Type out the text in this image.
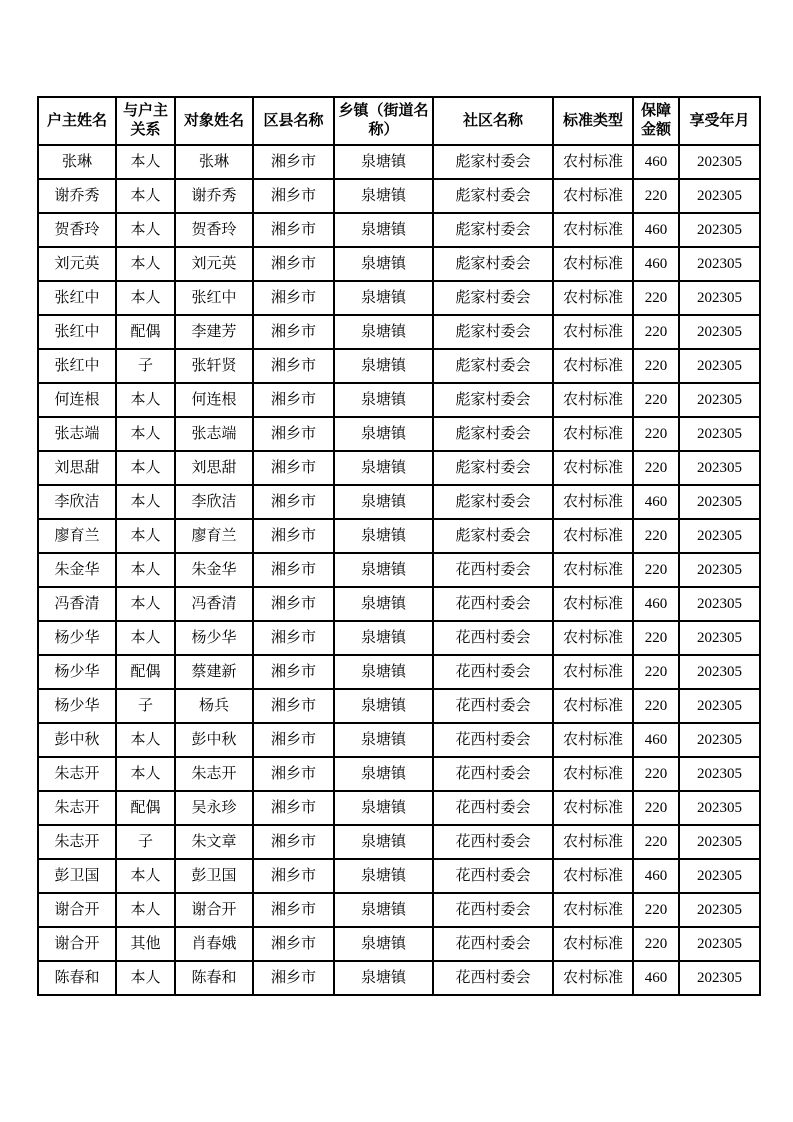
户主姓名	与户主关系	对象姓名	区县名称	乡镇（街道名称）	社区名称	标准类型	保障金额	享受年月
张琳	本人	张琳	湘乡市	泉塘镇	彪家村委会	农村标准	460	202305
谢乔秀	本人	谢乔秀	湘乡市	泉塘镇	彪家村委会	农村标准	220	202305
贺香玲	本人	贺香玲	湘乡市	泉塘镇	彪家村委会	农村标准	460	202305
刘元英	本人	刘元英	湘乡市	泉塘镇	彪家村委会	农村标准	460	202305
张红中	本人	张红中	湘乡市	泉塘镇	彪家村委会	农村标准	220	202305
张红中	配偶	李建芳	湘乡市	泉塘镇	彪家村委会	农村标准	220	202305
张红中	子	张轩贤	湘乡市	泉塘镇	彪家村委会	农村标准	220	202305
何连根	本人	何连根	湘乡市	泉塘镇	彪家村委会	农村标准	220	202305
张志端	本人	张志端	湘乡市	泉塘镇	彪家村委会	农村标准	220	202305
刘思甜	本人	刘思甜	湘乡市	泉塘镇	彪家村委会	农村标准	220	202305
李欣洁	本人	李欣洁	湘乡市	泉塘镇	彪家村委会	农村标准	460	202305
廖育兰	本人	廖育兰	湘乡市	泉塘镇	彪家村委会	农村标准	220	202305
朱金华	本人	朱金华	湘乡市	泉塘镇	花西村委会	农村标准	220	202305
冯香清	本人	冯香清	湘乡市	泉塘镇	花西村委会	农村标准	460	202305
杨少华	本人	杨少华	湘乡市	泉塘镇	花西村委会	农村标准	220	202305
杨少华	配偶	蔡建新	湘乡市	泉塘镇	花西村委会	农村标准	220	202305
杨少华	子	杨兵	湘乡市	泉塘镇	花西村委会	农村标准	220	202305
彭中秋	本人	彭中秋	湘乡市	泉塘镇	花西村委会	农村标准	460	202305
朱志开	本人	朱志开	湘乡市	泉塘镇	花西村委会	农村标准	220	202305
朱志开	配偶	吴永珍	湘乡市	泉塘镇	花西村委会	农村标准	220	202305
朱志开	子	朱文章	湘乡市	泉塘镇	花西村委会	农村标准	220	202305
彭卫国	本人	彭卫国	湘乡市	泉塘镇	花西村委会	农村标准	460	202305
谢合开	本人	谢合开	湘乡市	泉塘镇	花西村委会	农村标准	220	202305
谢合开	其他	肖春娥	湘乡市	泉塘镇	花西村委会	农村标准	220	202305
陈春和	本人	陈春和	湘乡市	泉塘镇	花西村委会	农村标准	460	202305
